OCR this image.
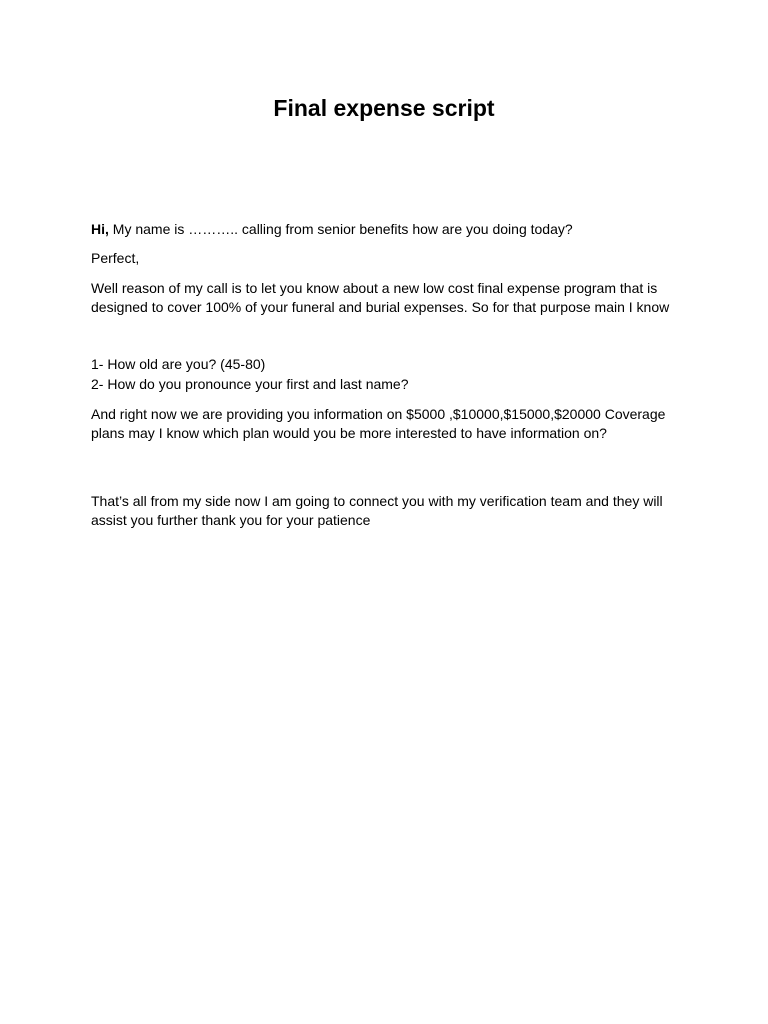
Final expense script

Hi, My name is ……….. calling from senior benefits how are you doing today?

Perfect,

Well reason of my call is to let you know about a new low cost final expense program that is designed to cover 100% of your funeral and burial expenses. So for that purpose main I know

1- How old are you? (45-80)

2- How do you pronounce your first and last name?

And right now we are providing you information on $5000 ,$10000,$15000,$20000 Coverage plans may I know which plan would you be more interested to have information on?

That’s all from my side now I am going to connect you with my verification team and they will assist you further thank you for your patience
